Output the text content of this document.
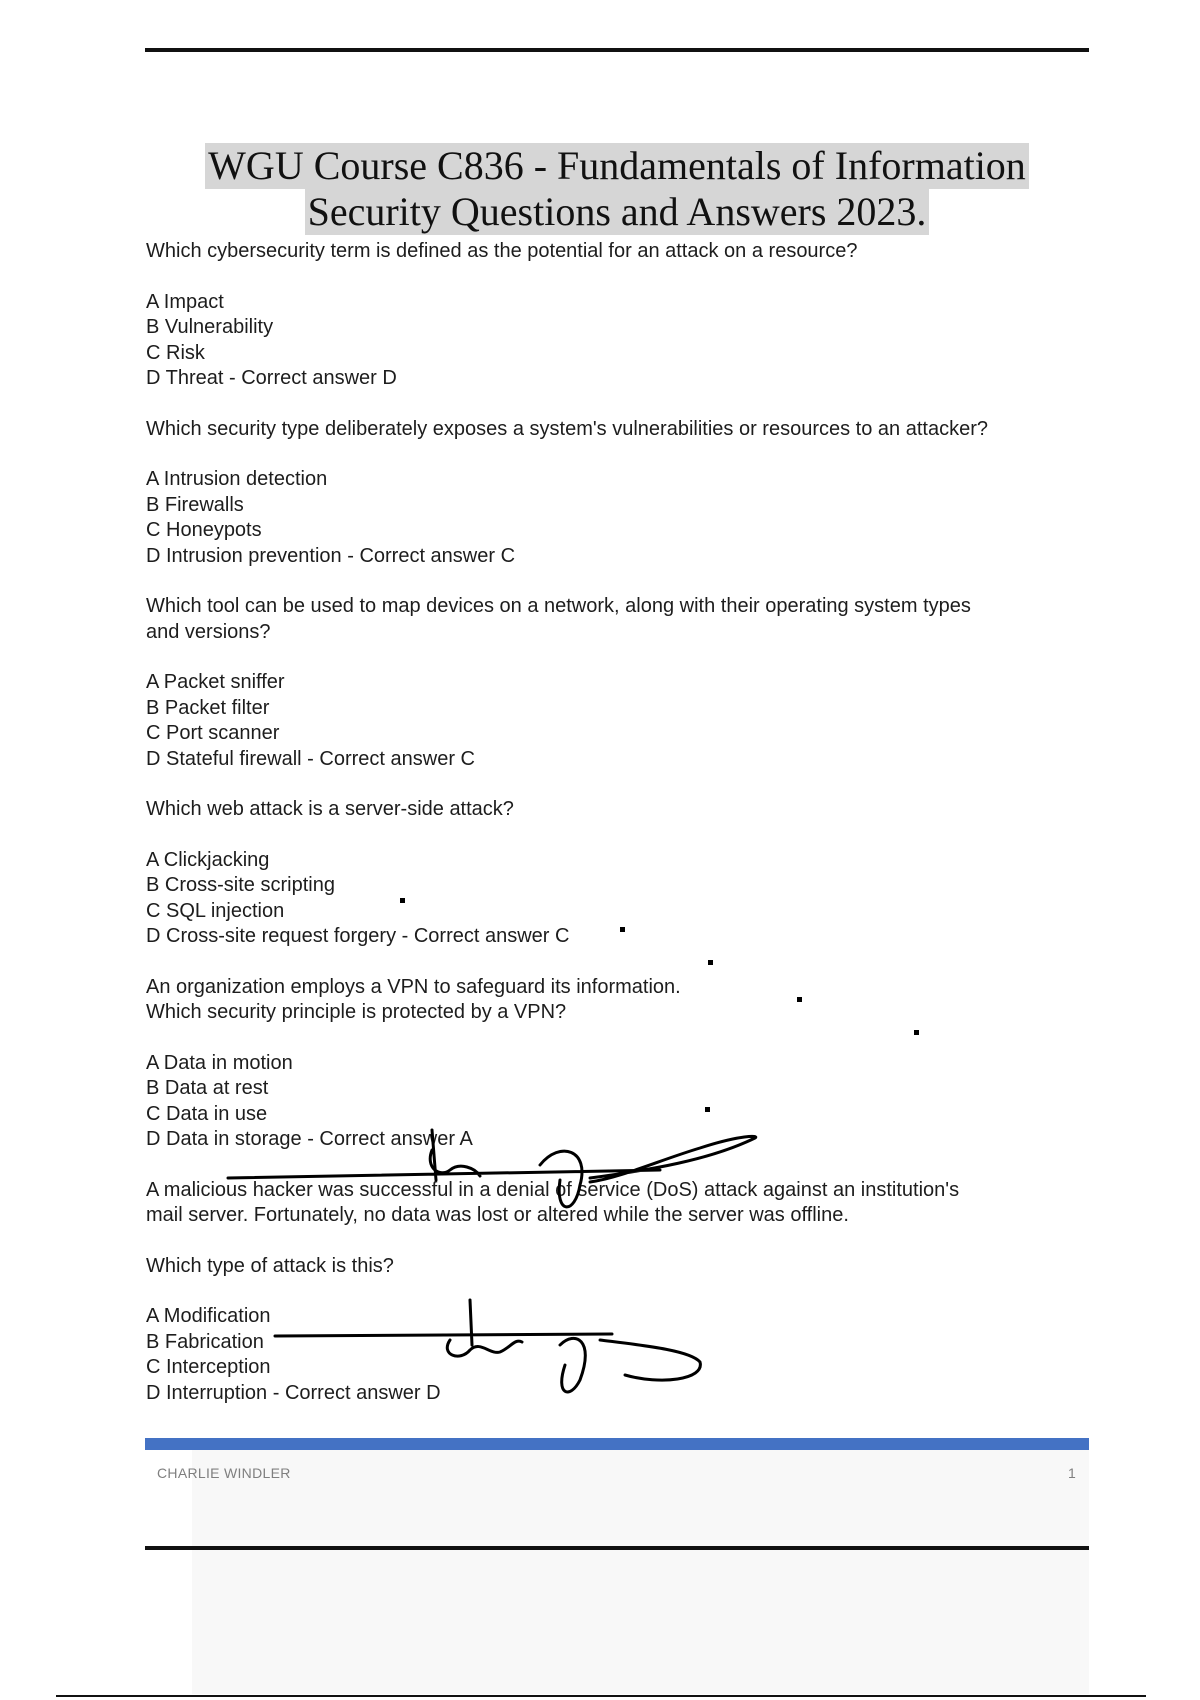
WGU Course C836 - Fundamentals of Information
Security Questions and Answers 2023.
Which cybersecurity term is defined as the potential for an attack on a resource?
A Impact
B Vulnerability
C Risk
D Threat - Correct answer D
Which security type deliberately exposes a system's vulnerabilities or resources to an attacker?
A Intrusion detection
B Firewalls
C Honeypots
D Intrusion prevention - Correct answer C
Which tool can be used to map devices on a network, along with their operating system types
and versions?
A Packet sniffer
B Packet filter
C Port scanner
D Stateful firewall - Correct answer C
Which web attack is a server-side attack?
A Clickjacking
B Cross-site scripting
C SQL injection
D Cross-site request forgery - Correct answer C
An organization employs a VPN to safeguard its information.
Which security principle is protected by a VPN?
A Data in motion
B Data at rest
C Data in use
D Data in storage - Correct answer A
A malicious hacker was successful in a denial of service (DoS) attack against an institution's
mail server. Fortunately, no data was lost or altered while the server was offline.
Which type of attack is this?
A Modification
B Fabrication
C Interception
D Interruption - Correct answer D
CHARLIE WINDLER	1
